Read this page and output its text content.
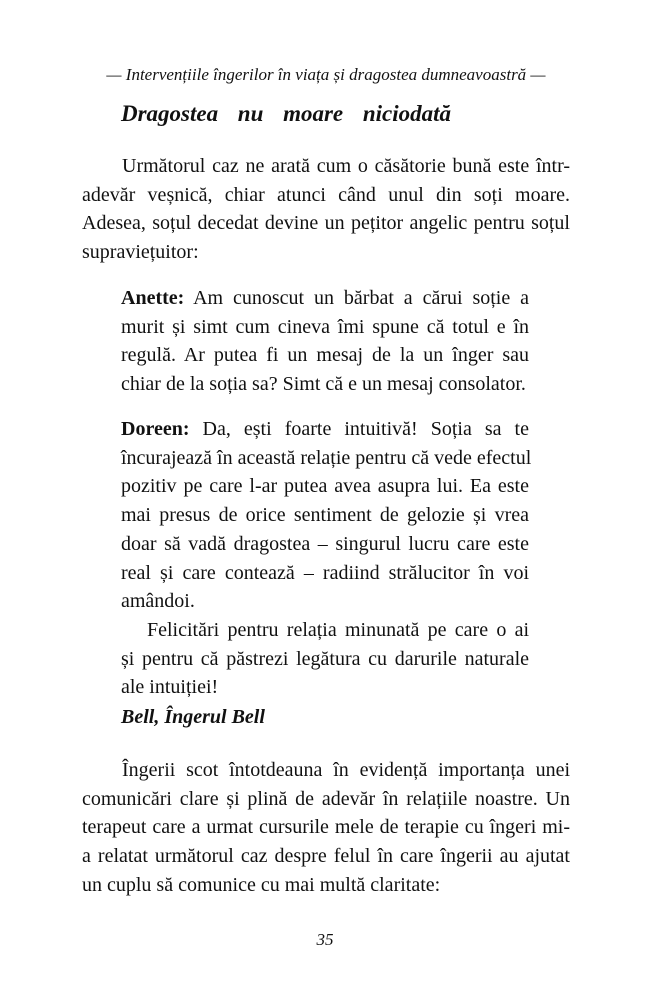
— Intervențiile îngerilor în viața și dragostea dumneavoastră —
Dragostea nu moare niciodată
Următorul caz ne arată cum o căsătorie bună este într-
adevăr veșnică, chiar atunci când unul din soți moare.
Adesea, soțul decedat devine un pețitor angelic pentru soțul
supraviețuitor:
Anette: Am cunoscut un bărbat a cărui soție a
murit și simt cum cineva îmi spune că totul e în
regulă. Ar putea fi un mesaj de la un înger sau
chiar de la soția sa? Simt că e un mesaj consolator.
Doreen: Da, ești foarte intuitivă! Soția sa te
încurajează în această relație pentru că vede efectul
pozitiv pe care l-ar putea avea asupra lui. Ea este
mai presus de orice sentiment de gelozie și vrea
doar să vadă dragostea – singurul lucru care este
real și care contează – radiind strălucitor în voi
amândoi.
Felicitări pentru relația minunată pe care o ai
și pentru că păstrezi legătura cu darurile naturale
ale intuiției!
Bell, Îngerul Bell
Îngerii scot întotdeauna în evidență importanța unei
comunicări clare și plină de adevăr în relațiile noastre. Un
terapeut care a urmat cursurile mele de terapie cu îngeri mi-
a relatat următorul caz despre felul în care îngerii au ajutat
un cuplu să comunice cu mai multă claritate:
35
